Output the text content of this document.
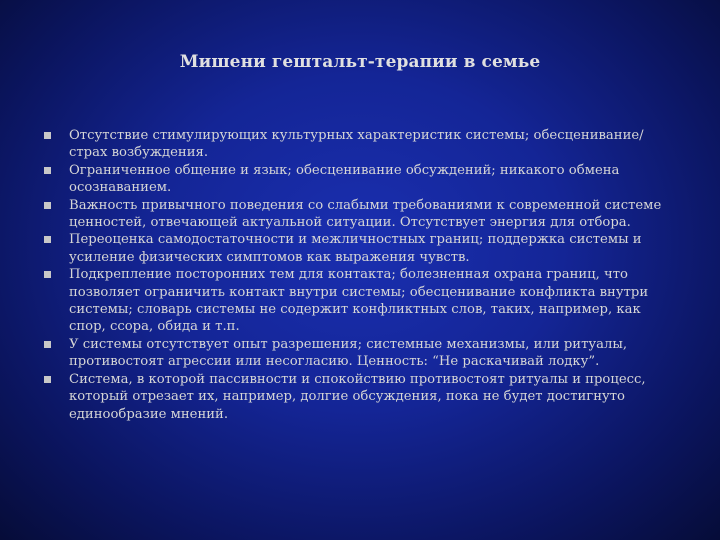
Мишени гештальт-терапии в семье
Отсутствие стимулирующих культурных характеристик системы; обесценивание/страх возбуждения.
Ограниченное общение и язык; обесценивание обсуждений; никакого обмена осознаванием.
Важность привычного поведения со слабыми требованиями к современной системе ценностей, отвечающей актуальной ситуации. Отсутствует энергия для отбора.
Переоценка самодостаточности и межличностных границ; поддержка системы и усиление физических симптомов как выражения чувств.
Подкрепление посторонних тем для контакта; болезненная охрана границ, что позволяет ограничить контакт внутри системы; обесценивание конфликта внутри системы; словарь системы не содержит конфликтных слов, таких, например, как спор, ссора, обида и т.п.
У системы отсутствует опыт разрешения; системные механизмы, или ритуалы, противостоят агрессии или несогласию. Ценность: “Не раскачивай лодку”.
Система, в которой пассивности и спокойствию противостоят ритуалы и процесс, который отрезает их, например, долгие обсуждения, пока не будет достигнуто единообразие мнений.
